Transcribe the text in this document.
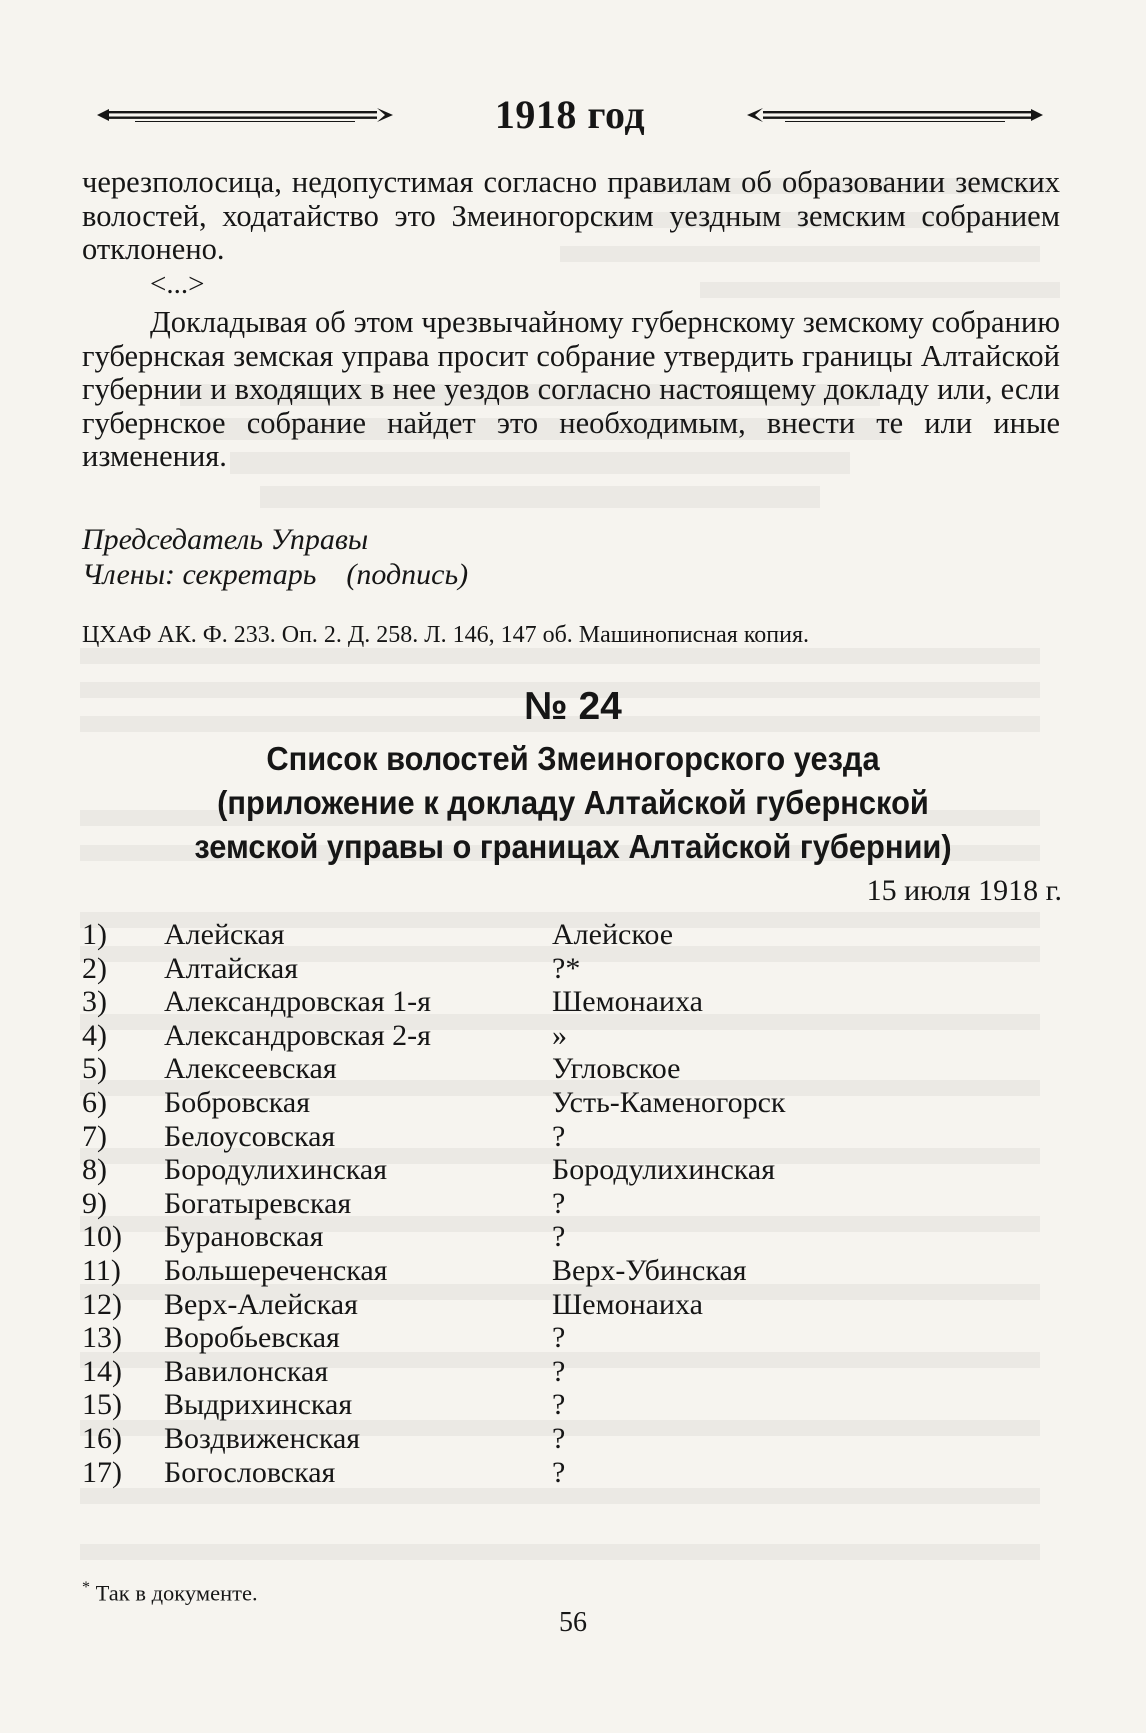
1918 год
черезполосица, недопустимая согласно правилам об образовании земских волостей, ходатайство это Змеиногорским уездным земским собранием отклонено.
<...>
Докладывая об этом чрезвычайному губернскому земскому собранию губернская земская управа просит собрание утвердить границы Алтайской губернии и входящих в нее уездов согласно настоящему докладу или, если губернское собрание найдет это необходимым, внести те или иные изменения.
Председатель Управы
Члены: секретарь    (подпись)
ЦХАФ АК. Ф. 233. Оп. 2. Д. 258. Л. 146, 147 об. Машинописная копия.
№ 24
Список волостей Змеиногорского уезда
(приложение к докладу Алтайской губернской
земской управы о границах Алтайской губернии)
15 июля 1918 г.
1)	Алейская	Алейское
2)	Алтайская	?*
3)	Александровская 1-я	Шемонаиха
4)	Александровская 2-я	»
5)	Алексеевская	Угловское
6)	Бобровская	Усть-Каменогорск
7)	Белоусовская	?
8)	Бородулихинская	Бородулихинская
9)	Богатыревская	?
10)	Бурановская	?
11)	Большереченская	Верх-Убинская
12)	Верх-Алейская	Шемонаиха
13)	Воробьевская	?
14)	Вавилонская	?
15)	Выдрихинская	?
16)	Воздвиженская	?
17)	Богословская	?
* Так в документе.
56
